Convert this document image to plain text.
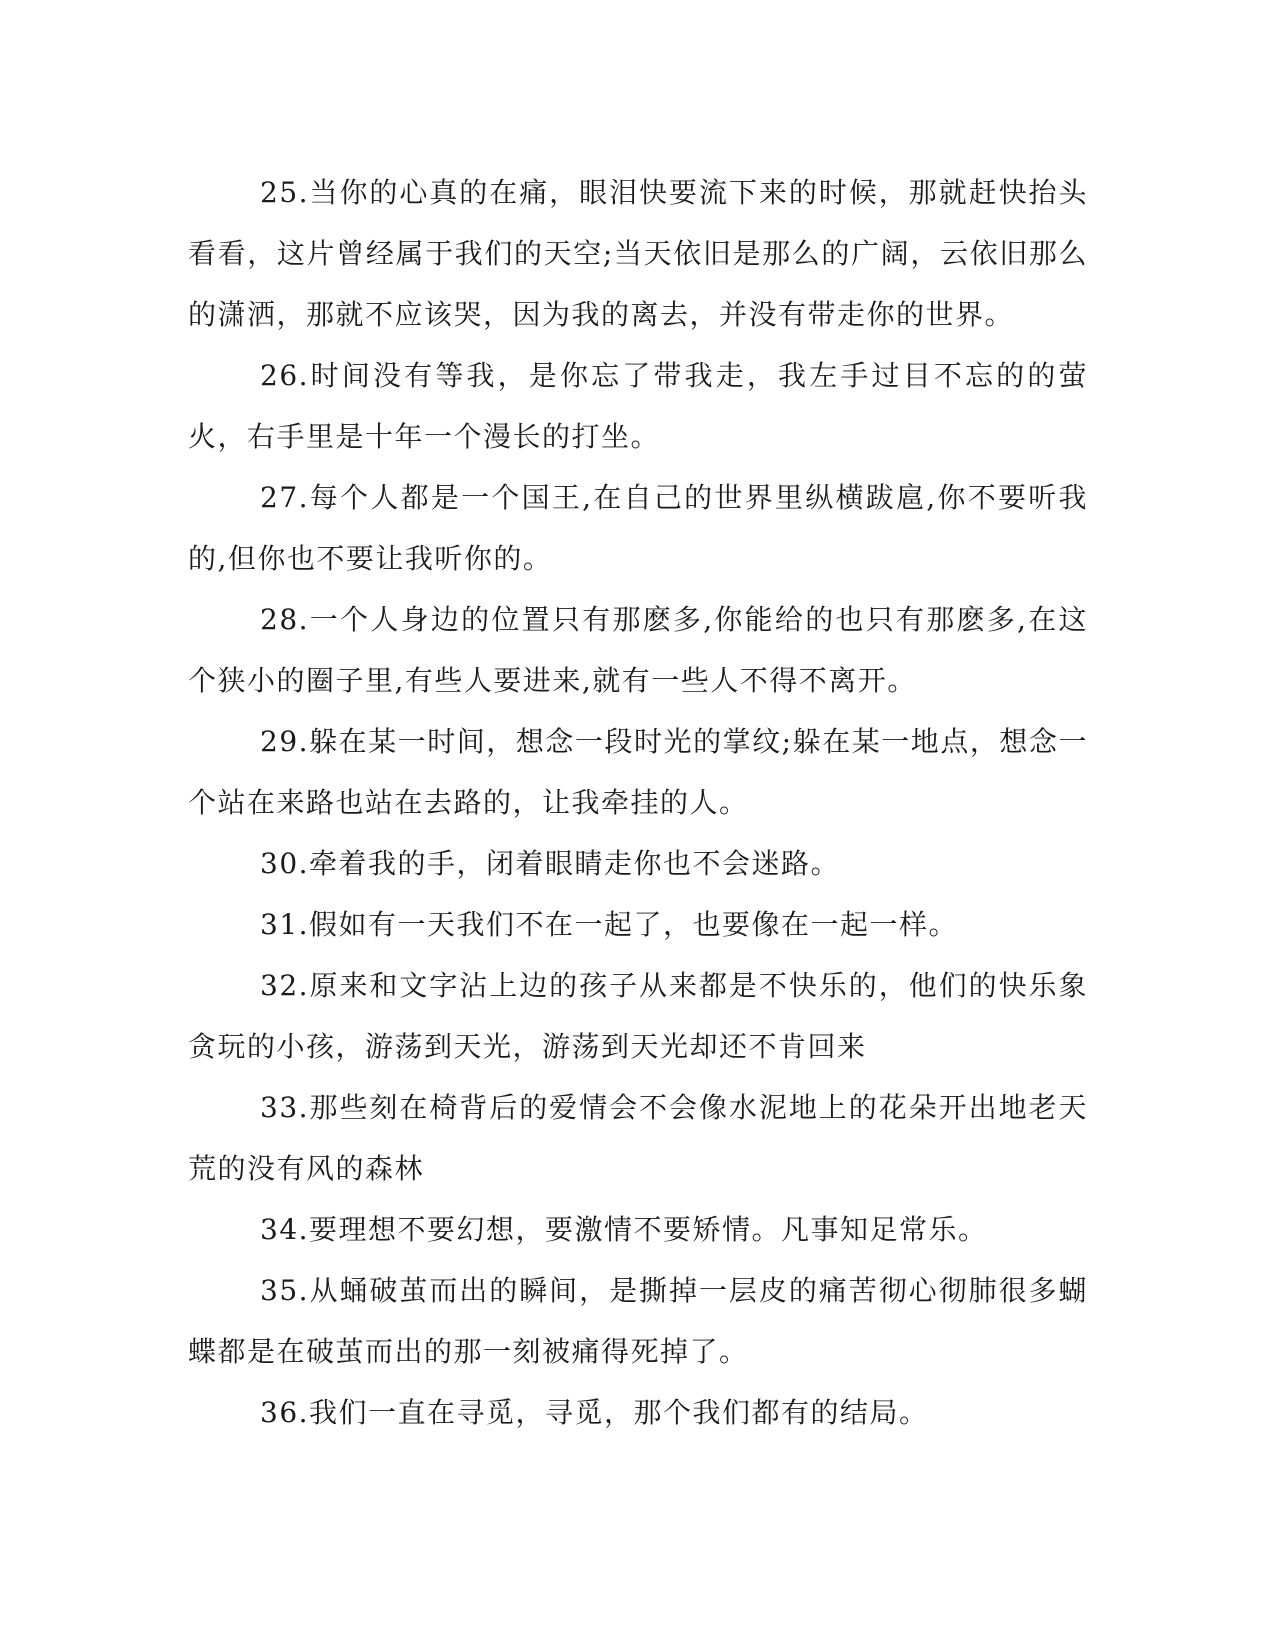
25.当你的心真的在痛，眼泪快要流下来的时候，那就赶快抬头看看，这片曾经属于我们的天空;当天依旧是那么的广阔，云依旧那么的潇洒，那就不应该哭，因为我的离去，并没有带走你的世界。

26.时间没有等我，是你忘了带我走，我左手过目不忘的的萤火，右手里是十年一个漫长的打坐。

27.每个人都是一个国王,在自己的世界里纵横跋扈,你不要听我的,但你也不要让我听你的。

28.一个人身边的位置只有那麽多,你能给的也只有那麽多,在这个狭小的圈子里,有些人要进来,就有一些人不得不离开。

29.躲在某一时间，想念一段时光的掌纹;躲在某一地点，想念一个站在来路也站在去路的，让我牵挂的人。

30.牵着我的手，闭着眼睛走你也不会迷路。

31.假如有一天我们不在一起了，也要像在一起一样。

32.原来和文字沾上边的孩子从来都是不快乐的，他们的快乐象贪玩的小孩，游荡到天光，游荡到天光却还不肯回来

33.那些刻在椅背后的爱情会不会像水泥地上的花朵开出地老天荒的没有风的森林

34.要理想不要幻想，要激情不要矫情。凡事知足常乐。

35.从蛹破茧而出的瞬间，是撕掉一层皮的痛苦彻心彻肺很多蝴蝶都是在破茧而出的那一刻被痛得死掉了。

36.我们一直在寻觅，寻觅，那个我们都有的结局。
